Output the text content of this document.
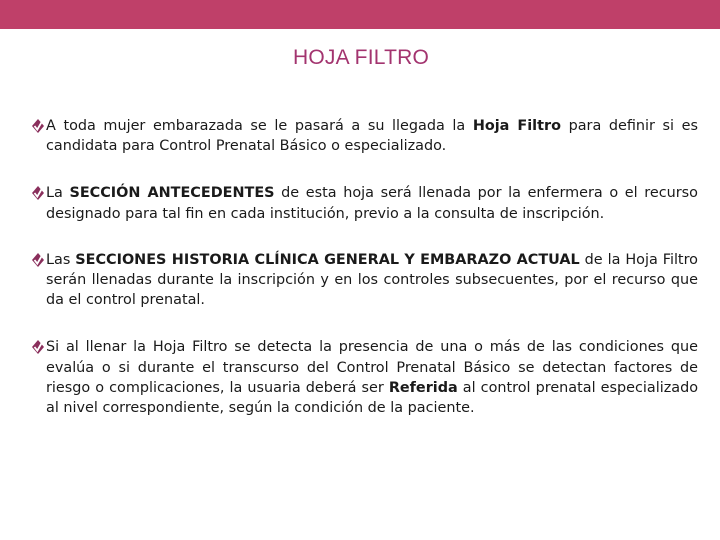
HOJA FILTRO

A toda mujer embarazada se le pasará a su llegada la Hoja Filtro para definir si es candidata para Control Prenatal Básico o especializado.

La SECCIÓN ANTECEDENTES de esta hoja será llenada por la enfermera o el recurso designado para tal fin en cada institución, previo a la consulta de inscripción.

Las SECCIONES HISTORIA CLÍNICA GENERAL Y EMBARAZO ACTUAL de la Hoja Filtro serán llenadas durante la inscripción y en los controles subsecuentes, por el recurso que da el control prenatal.

Si al llenar la Hoja Filtro se detecta la presencia de una o más de las condiciones que evalúa o si durante el transcurso del Control Prenatal Básico se detectan factores de riesgo o complicaciones, la usuaria deberá ser Referida al control prenatal especializado al nivel correspondiente, según la condición de la paciente.
